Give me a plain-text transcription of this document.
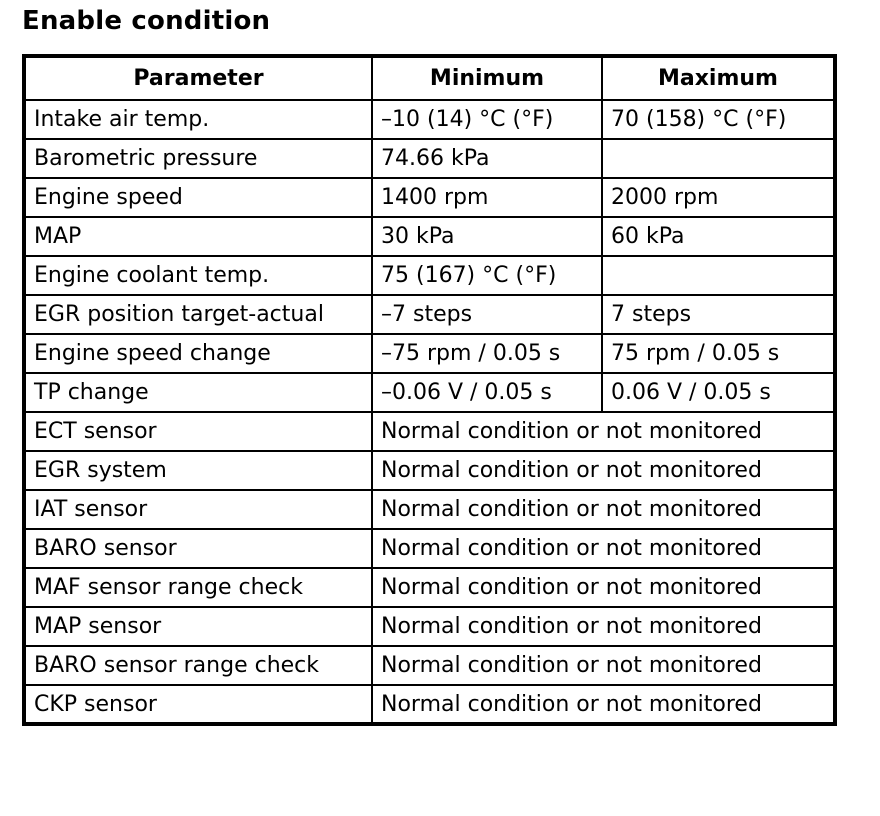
Enable condition
Parameter	Minimum	Maximum
Intake air temp.	–10 (14) °C (°F)	70 (158) °C (°F)
Barometric pressure	74.66 kPa	
Engine speed	1400 rpm	2000 rpm
MAP	30 kPa	60 kPa
Engine coolant temp.	75 (167) °C (°F)	
EGR position target-actual	–7 steps	7 steps
Engine speed change	–75 rpm / 0.05 s	75 rpm / 0.05 s
TP change	–0.06 V / 0.05 s	0.06 V / 0.05 s
ECT sensor	Normal condition or not monitored	
EGR system	Normal condition or not monitored	
IAT sensor	Normal condition or not monitored	
BARO sensor	Normal condition or not monitored	
MAF sensor range check	Normal condition or not monitored	
MAP sensor	Normal condition or not monitored	
BARO sensor range check	Normal condition or not monitored	
CKP sensor	Normal condition or not monitored	
